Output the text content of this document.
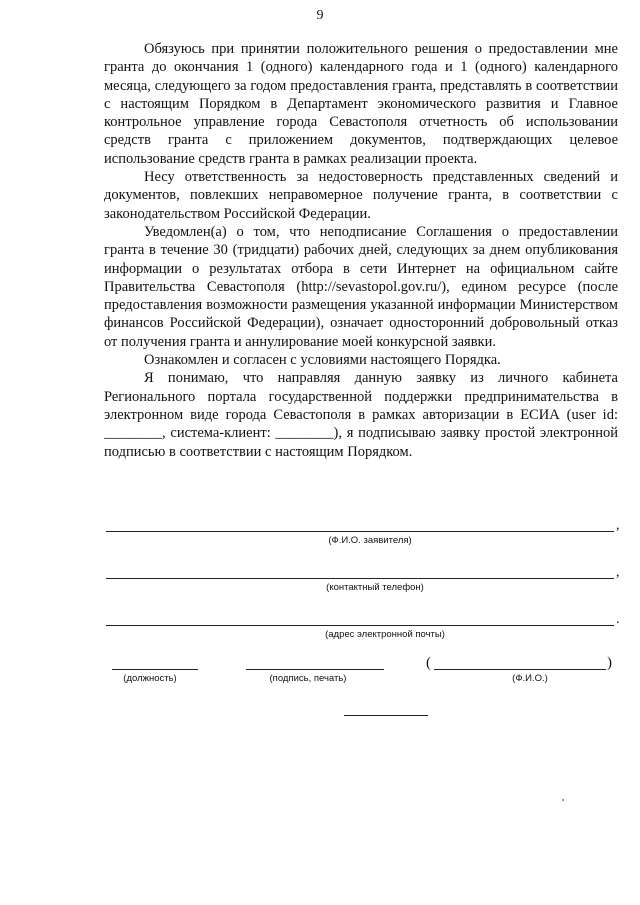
9

Обязуюсь при принятии положительного решения о предоставлении мне гранта до окончания 1 (одного) календарного года и 1 (одного) календарного месяца, следующего за годом предоставления гранта, представлять в соответствии с настоящим Порядком в Департамент экономического развития и Главное контрольное управление города Севастополя отчетность об использовании средств гранта с приложением документов, подтверждающих целевое использование средств гранта в рамках реализации проекта.

Несу ответственность за недостоверность представленных сведений и документов, повлекших неправомерное получение гранта, в соответствии с законодательством Российской Федерации.

Уведомлен(а) о том, что неподписание Соглашения о предоставлении гранта в течение 30 (тридцати) рабочих дней, следующих за днем опубликования информации о результатах отбора в сети Интернет на официальном сайте Правительства Севастополя (http://sevastopol.gov.ru/), едином ресурсе (после предоставления возможности размещения указанной информации Министерством финансов Российской Федерации), означает односторонний добровольный отказ от получения гранта и аннулирование моей конкурсной заявки.

Ознакомлен и согласен с условиями настоящего Порядка.

Я понимаю, что направляя данную заявку из личного кабинета Регионального портала государственной поддержки предпринимательства в электронном виде города Севастополя в рамках авторизации в ЕСИА (user id: ________, система-клиент: ________), я подписываю заявку простой электронной подписью в соответствии с настоящим Порядком.

,
(Ф.И.О. заявителя)
,
(контактный телефон)
.
(адрес электронной почты)
(должность)	(подпись, печать)
(	)
(Ф.И.О.)
